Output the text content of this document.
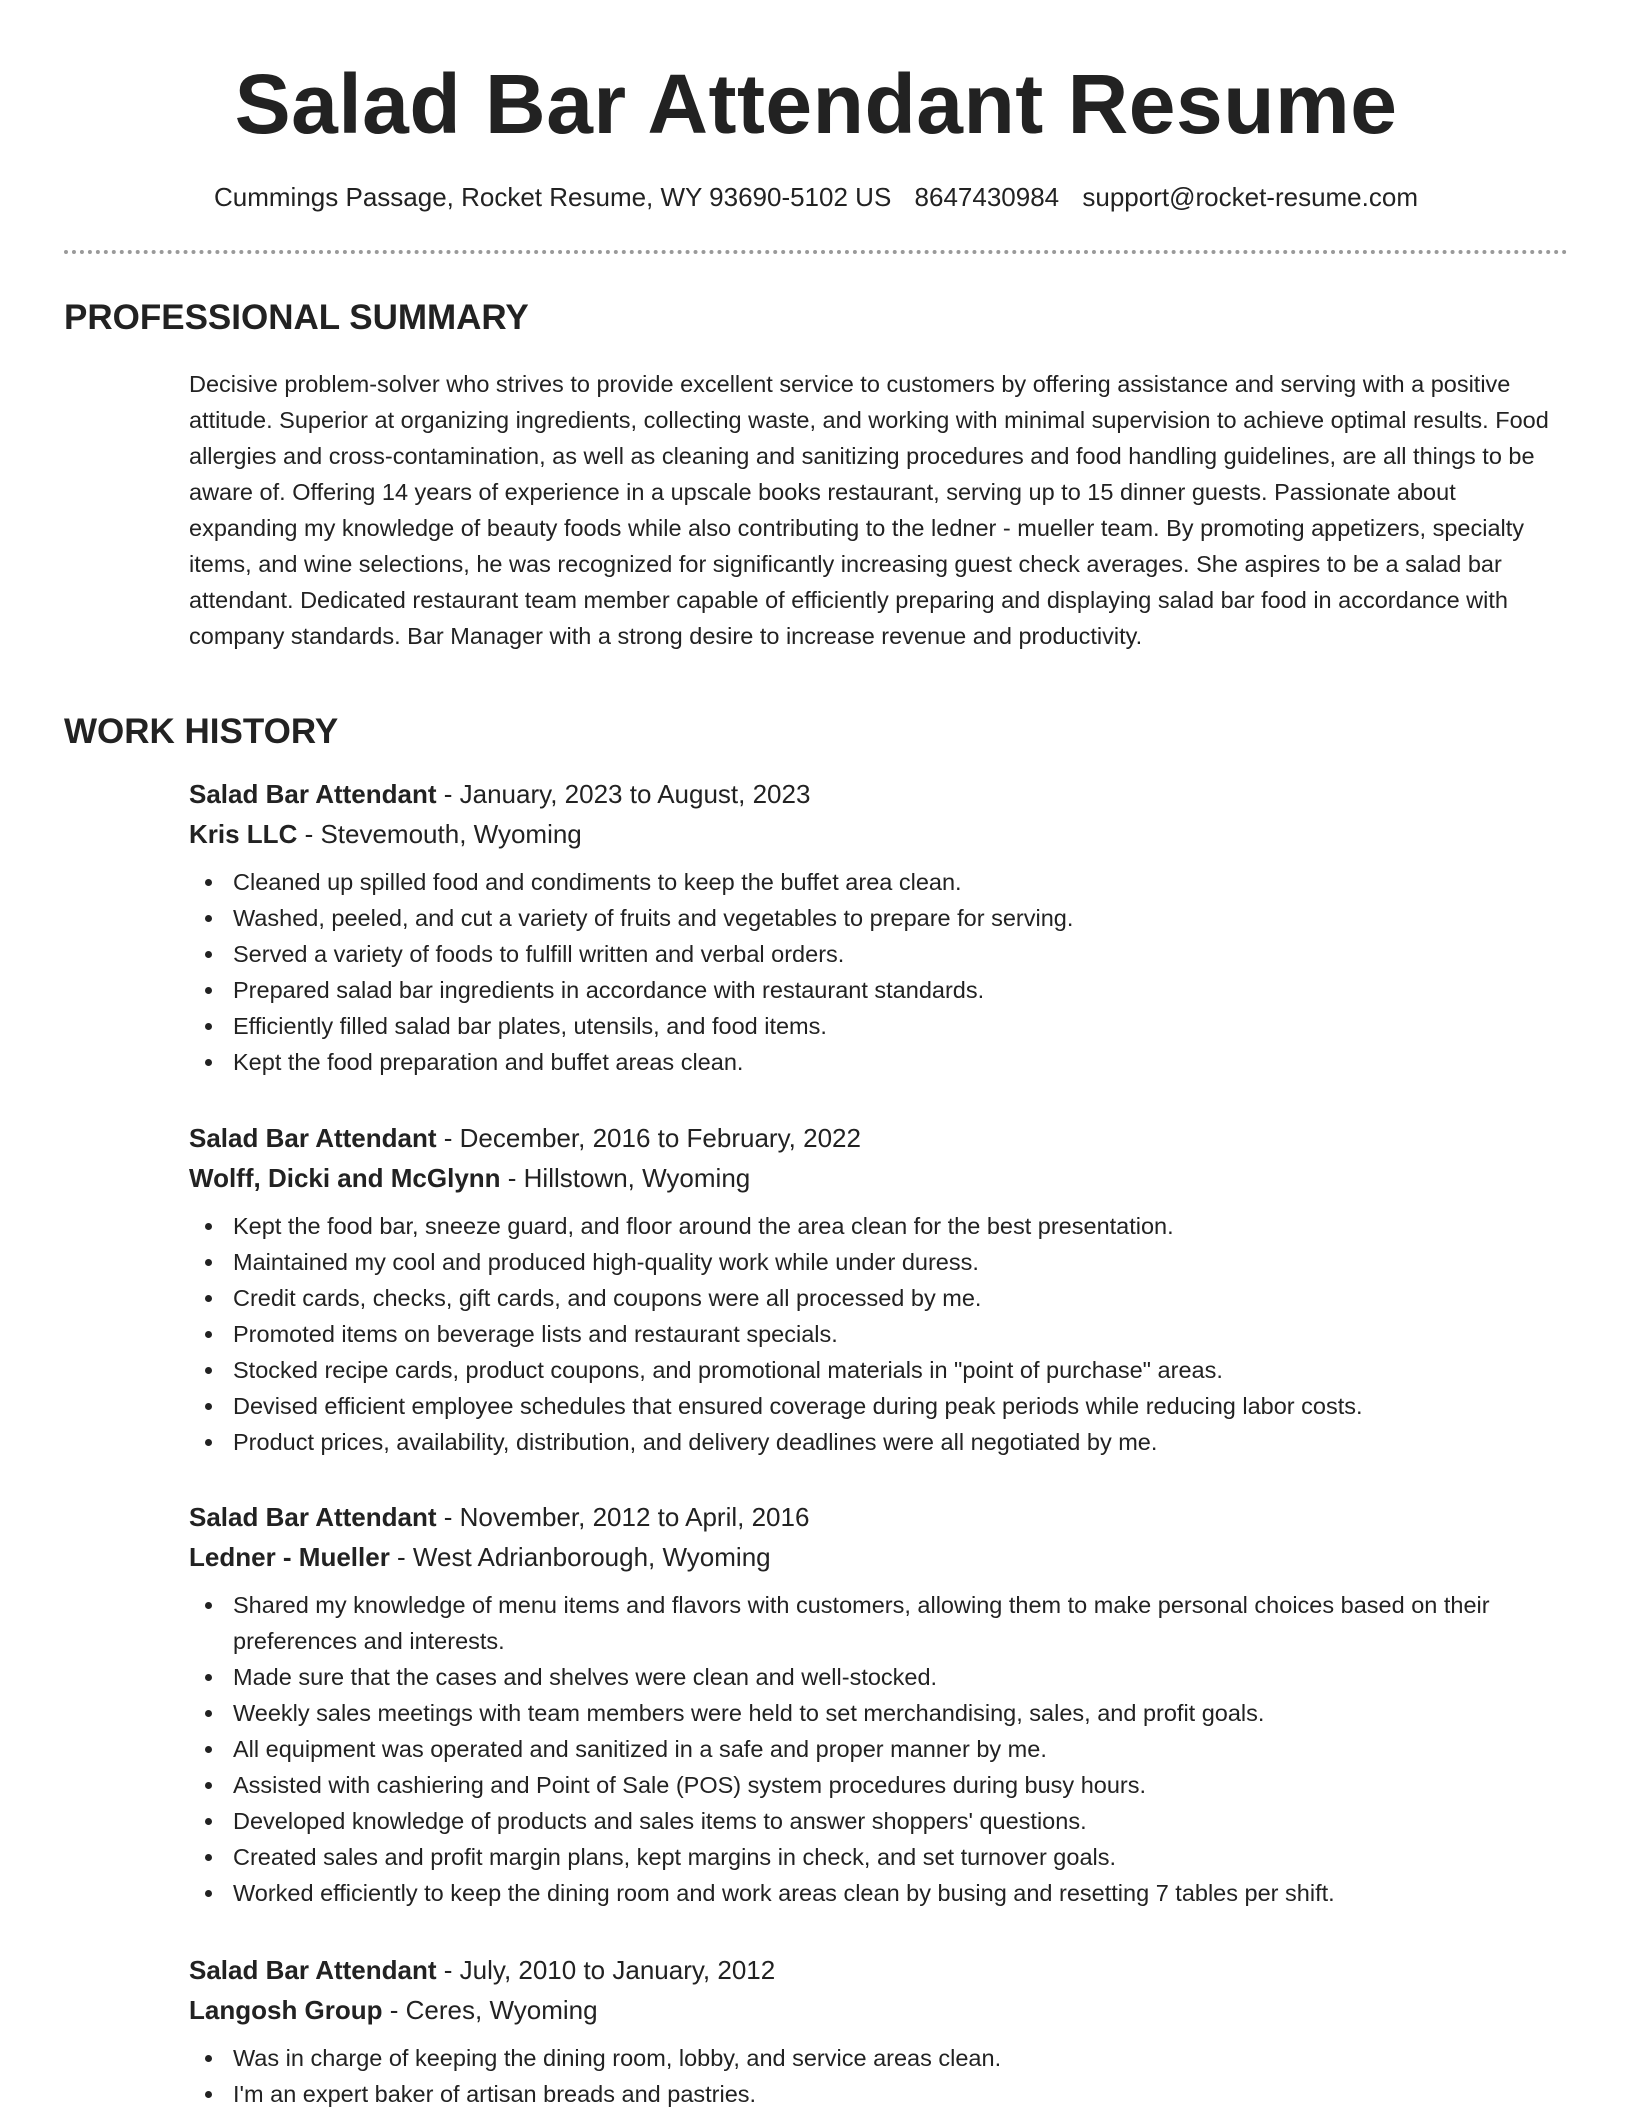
Salad Bar Attendant Resume
Cummings Passage, Rocket Resume, WY 93690-5102 US 8647430984 support@rocket-resume.com
PROFESSIONAL SUMMARY

Decisive problem-solver who strives to provide excellent service to customers by offering assistance and serving with a positive attitude. Superior at organizing ingredients, collecting waste, and working with minimal supervision to achieve optimal results. Food allergies and cross-contamination, as well as cleaning and sanitizing procedures and food handling guidelines, are all things to be aware of. Offering 14 years of experience in a upscale books restaurant, serving up to 15 dinner guests. Passionate about expanding my knowledge of beauty foods while also contributing to the ledner - mueller team. By promoting appetizers, specialty items, and wine selections, he was recognized for significantly increasing guest check averages. She aspires to be a salad bar attendant. Dedicated restaurant team member capable of efficiently preparing and displaying salad bar food in accordance with company standards. Bar Manager with a strong desire to increase revenue and productivity.

WORK HISTORY
Salad Bar Attendant - January, 2023 to August, 2023
Kris LLC - Stevemouth, Wyoming
Cleaned up spilled food and condiments to keep the buffet area clean.
Washed, peeled, and cut a variety of fruits and vegetables to prepare for serving.
Served a variety of foods to fulfill written and verbal orders.
Prepared salad bar ingredients in accordance with restaurant standards.
Efficiently filled salad bar plates, utensils, and food items.
Kept the food preparation and buffet areas clean.
Salad Bar Attendant - December, 2016 to February, 2022
Wolff, Dicki and McGlynn - Hillstown, Wyoming
Kept the food bar, sneeze guard, and floor around the area clean for the best presentation.
Maintained my cool and produced high-quality work while under duress.
Credit cards, checks, gift cards, and coupons were all processed by me.
Promoted items on beverage lists and restaurant specials.
Stocked recipe cards, product coupons, and promotional materials in "point of purchase" areas.
Devised efficient employee schedules that ensured coverage during peak periods while reducing labor costs.
Product prices, availability, distribution, and delivery deadlines were all negotiated by me.
Salad Bar Attendant - November, 2012 to April, 2016
Ledner - Mueller - West Adrianborough, Wyoming
Shared my knowledge of menu items and flavors with customers, allowing them to make personal choices based on their preferences and interests.
Made sure that the cases and shelves were clean and well-stocked.
Weekly sales meetings with team members were held to set merchandising, sales, and profit goals.
All equipment was operated and sanitized in a safe and proper manner by me.
Assisted with cashiering and Point of Sale (POS) system procedures during busy hours.
Developed knowledge of products and sales items to answer shoppers' questions.
Created sales and profit margin plans, kept margins in check, and set turnover goals.
Worked efficiently to keep the dining room and work areas clean by busing and resetting 7 tables per shift.
Salad Bar Attendant - July, 2010 to January, 2012
Langosh Group - Ceres, Wyoming
Was in charge of keeping the dining room, lobby, and service areas clean.
I'm an expert baker of artisan breads and pastries.
